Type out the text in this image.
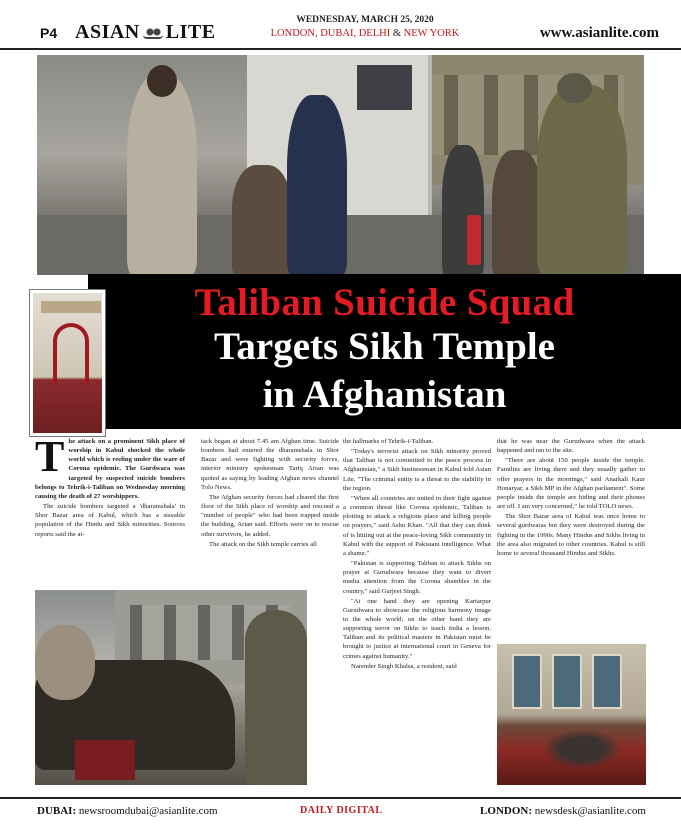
P4 ASIAN LITE
WEDNESDAY, MARCH 25, 2020
LONDON, DUBAI, DELHI & NEW YORK	www.asianlite.com
Taliban Suicide Squad
Targets Sikh Temple
in Afghanistan

The attack on a prominent Sikh place of worship in Kabul shocked the whole world which is reeling under the ware of Corona epidemic. The Gurdwara was targeted by suspected suicide bombers belongs to Tehrik-i-Taliban on Wednesday morning causing the death of 27 worshippers.

The suicide bombers targeted a 'dharamshala' in Shor Bazar area of Kabul, which has a sizeable population of the Hindu and Sikh minorities. Sources reports said the at-

tack began at about 7.45 am Afghan time. Suicide bombers had entered the dharamshala in Shor Bazar and were fighting with security forces, interior ministry spokesman Tariq Arian was quoted as saying by leading Afghan news channel Tolo News.

The Afghan security forces had cleared the first floor of the Sikh place of worship and rescued a "number of people" who had been trapped inside the building, Arian said. Efforts were on to rescue other survivors, he added.

The attack on the Sikh temple carries all

the hallmarks of Tehrik-i-Taliban.

"Today's terrorist attack on Sikh minority proved that Taliban is not committed to the peace process in Afghanistan," a Sikh businessman in Kabul told Asian Lite. "The criminal entity is a threat to the stability in the region.

"When all countries are united in their fight against a common threat like Corona epidemic, Taliban is plotting to attack a religious place and killing people on prayers," said Ashu Khan. "All that they can think of is hitting out at the peace-loving Sikh community in Kabul with the support of Pakistani intelligence. What a shame."

"Pakistan is supporting Taliban to attack Sikhs on prayer at Gurudwara because they want to divert media attention from the Corona shambles in the country," said Gurjeet Singh.

"At one hand they are opening Kartarpur Gurudwara to showcase the religious harmony image to the whole world; on the other hand they are supporting terror on Sikhs to teach India a lesson. Taliban and its political masters in Pakistan must be brought to justice at international court in Geneva for crimes against humanity."

Narender Singh Khalsa, a resident, said

that he was near the Gurudwara when the attack happened and ran to the site.

"There are about 150 people inside the temple. Families are living there and they usually gather to offer prayers in the mornings," said Anarkali Kaur Honaryar, a Sikh MP in the Afghan parliament". Some people inside the temple are hiding and their phones are off. I am very concerned," he told TOLO news.

The Shor Bazar area of Kabul was once home to several gurdwaras but they were destroyed during the fighting in the 1990s. Many Hindus and Sikhs living in the area also migrated to other countries. Kabul is still home to several thousand Hindus and Sikhs.

DUBAI: newsroomdubai@asianlite.com	DAILY DIGITAL	LONDON: newsdesk@asianlite.com
